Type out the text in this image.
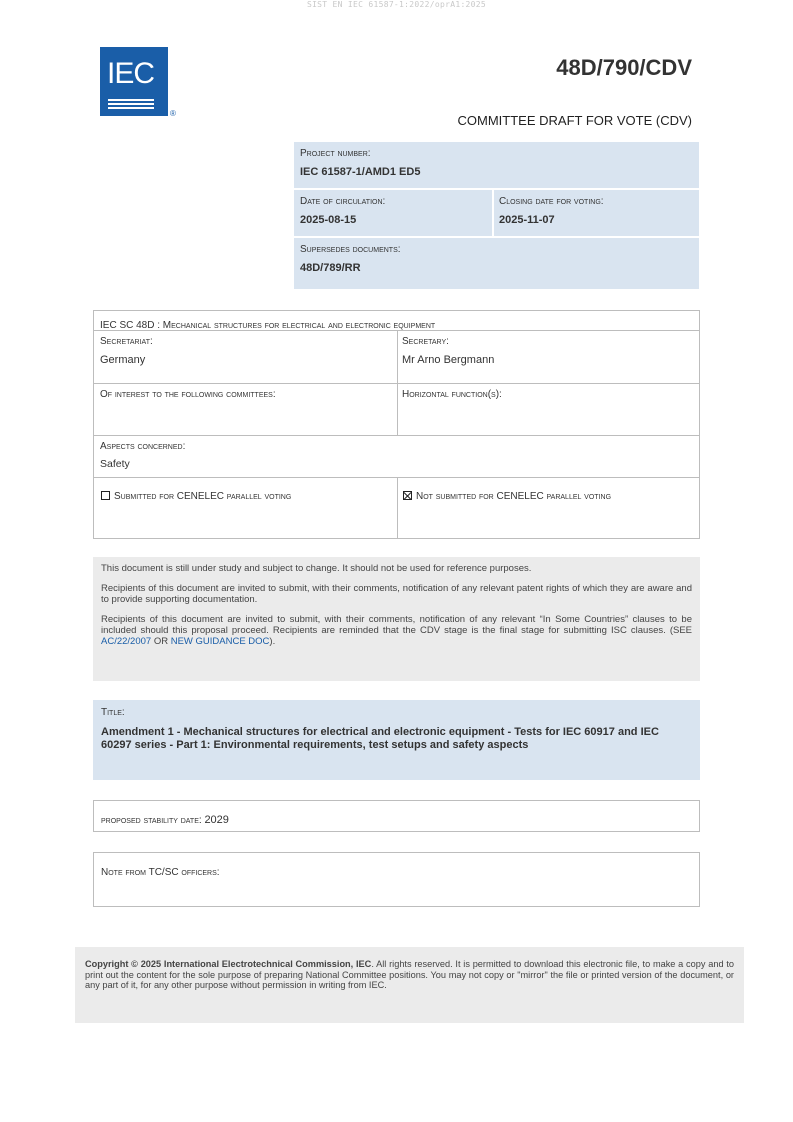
SIST EN IEC 61587-1:2022/oprA1:2025
IEC
®
48D/790/CDV
COMMITTEE DRAFT FOR VOTE (CDV)
Project number:
IEC 61587-1/AMD1 ED5
Date of circulation:
2025-08-15
Closing date for voting:
2025-11-07
Supersedes documents:
48D/789/RR
IEC SC 48D : Mechanical structures for electrical and electronic equipment
Secretariat:
Germany
Secretary:
Mr Arno Bergmann
Of interest to the following committees:	Horizontal function(s):
Aspects concerned:
Safety
Submitted for CENELEC parallel voting	Not submitted for CENELEC parallel voting

This document is still under study and subject to change. It should not be used for reference purposes.

Recipients of this document are invited to submit, with their comments, notification of any relevant patent rights of which they are aware and to provide supporting documentation.

Recipients of this document are invited to submit, with their comments, notification of any relevant “In Some Countries” clauses to be included should this proposal proceed. Recipients are reminded that the CDV stage is the final stage for submitting ISC clauses. (SEE AC/22/2007 OR NEW GUIDANCE DOC).

Title:
Amendment 1 - Mechanical structures for electrical and electronic equipment - Tests for IEC 60917 and IEC 60297 series - Part 1: Environmental requirements, test setups and safety aspects
proposed stability date: 2029
Note from TC/SC officers:
Copyright © 2025 International Electrotechnical Commission, IEC. All rights reserved. It is permitted to download this electronic file, to make a copy and to print out the content for the sole purpose of preparing National Committee positions. You may not copy or "mirror" the file or printed version of the document, or any part of it, for any other purpose without permission in writing from IEC.
